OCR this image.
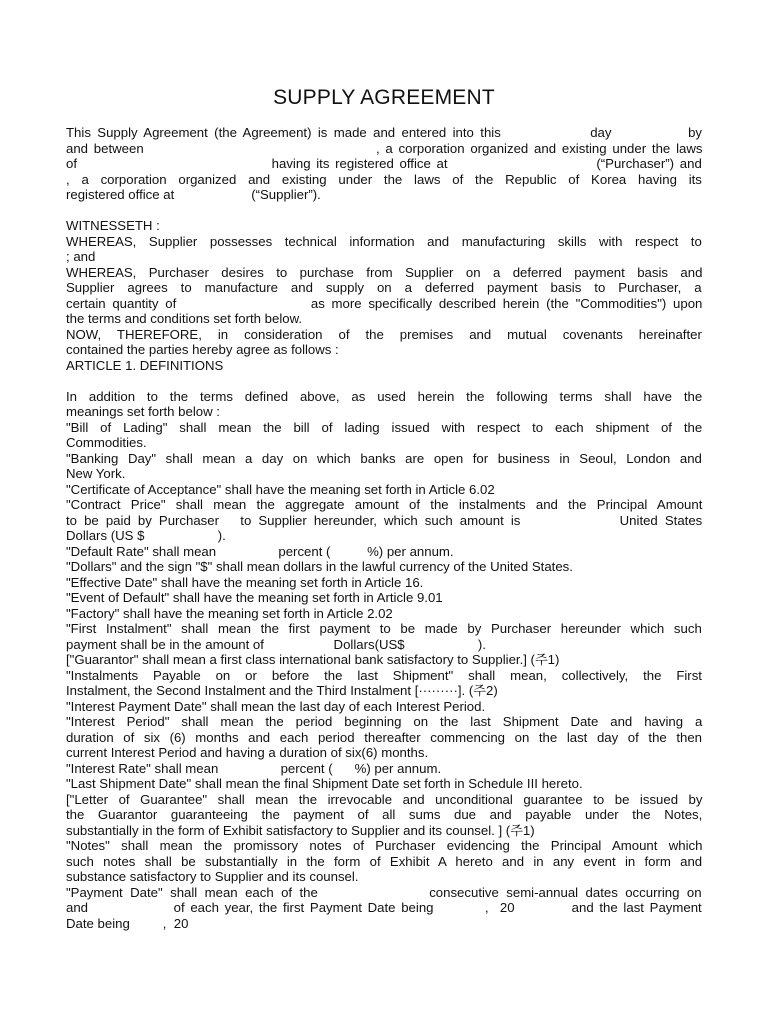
SUPPLY AGREEMENT
This Supply Agreement (the Agreement) is made and entered into this              day            by
and between                                        , a corporation organized and existing under the laws
of                                  having its registered office at                          (“Purchaser”) and
, a corporation organized and existing under the laws of the Republic of Korea having its
registered office at                     (“Supplier”).
WITNESSETH :
WHEREAS, Supplier possesses technical information and manufacturing skills with respect to
; and
WHEREAS, Purchaser desires to purchase from Supplier on a deferred payment basis and
Supplier agrees to manufacture and supply on a deferred payment basis to Purchaser, a
certain quantity of                    as more specifically described herein (the "Commodities") upon
the terms and conditions set forth below.
NOW, THEREFORE, in consideration of the premises and mutual covenants hereinafter
contained the parties hereby agree as follows :
ARTICLE 1. DEFINITIONS
In addition to the terms defined above, as used herein the following terms shall have the
meanings set forth below :
"Bill of Lading" shall mean the bill of lading issued with respect to each shipment of the
Commodities.
"Banking Day" shall mean a day on which banks are open for business in Seoul, London and
New York.
"Certificate of Acceptance" shall have the meaning set forth in Article 6.02
"Contract Price" shall mean the aggregate amount of the instalments and the Principal Amount
to be paid by Purchaser   to Supplier hereunder, which such amount is              United States
Dollars (US $                    ).
"Default Rate" shall mean                 percent (          %) per annum.
"Dollars" and the sign "$" shall mean dollars in the lawful currency of the United States.
"Effective Date" shall have the meaning set forth in Article 16.
"Event of Default" shall have the meaning set forth in Article 9.01
"Factory" shall have the meaning set forth in Article 2.02
"First Instalment" shall mean the first payment to be made by Purchaser hereunder which such
payment shall be in the amount of                   Dollars(US$                    ).
["Guarantor" shall mean a first class international bank satisfactory to Supplier.] (주1)
"Instalments Payable on or before the last Shipment" shall mean, collectively, the First
Instalment, the Second Instalment and the Third Instalment [·········]. (주2)
"Interest Payment Date" shall mean the last day of each Interest Period.
"Interest Period" shall mean the period beginning on the last Shipment Date and having a
duration of six (6) months and each period thereafter commencing on the last day of the then
current Interest Period and having a duration of six(6) months.
"Interest Rate" shall mean                 percent (      %) per annum.
"Last Shipment Date" shall mean the final Shipment Date set forth in Schedule III hereto.
["Letter of Guarantee" shall mean the irrevocable and unconditional guarantee to be issued by
the Guarantor guaranteeing the payment of all sums due and payable under the Notes,
substantially in the form of Exhibit satisfactory to Supplier and its counsel. ] (주1)
"Notes" shall mean the promissory notes of Purchaser evidencing the Principal Amount which
such notes shall be substantially in the form of Exhibit A hereto and in any event in form and
substance satisfactory to Supplier and its counsel.
"Payment Date" shall mean each of the               consecutive semi-annual dates occurring on
and               of each year, the first Payment Date being         ,  20          and the last Payment
Date being         ,  20
